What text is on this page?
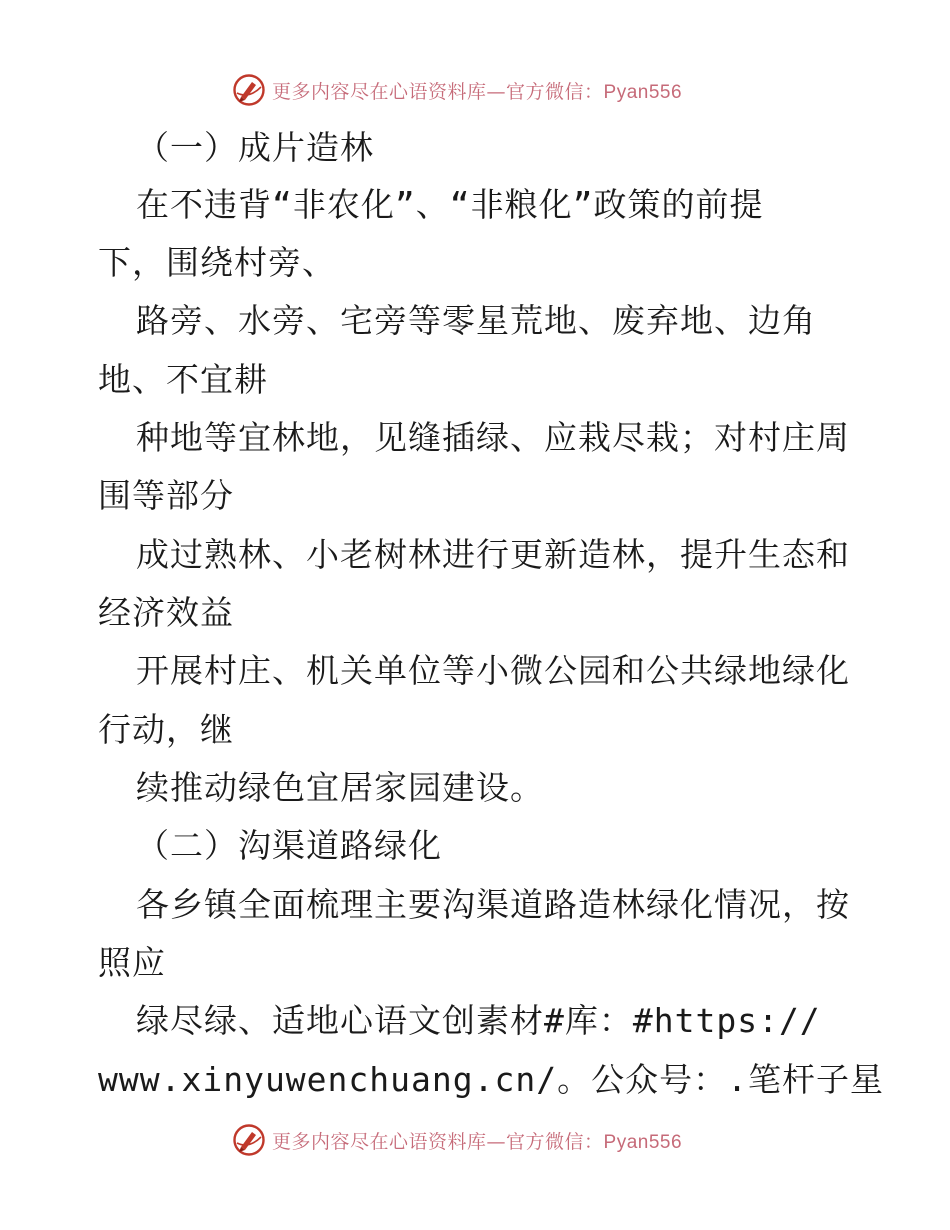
更多内容尽在心语资料库—官方微信：Pyan556

（一）成片造林

在不违背“非农化”、“非粮化”政策的前提

下，围绕村旁、

路旁、水旁、宅旁等零星荒地、废弃地、边角

地、不宜耕

种地等宜林地，见缝插绿、应栽尽栽；对村庄周

围等部分

成过熟林、小老树林进行更新造林，提升生态和

经济效益

开展村庄、机关单位等小微公园和公共绿地绿化

行动，继

续推动绿色宜居家园建设。

（二）沟渠道路绿化

各乡镇全面梳理主要沟渠道路造林绿化情况，按

照应

绿尽绿、适地心语文创素材#库：#https://

www.xinyuwenchuang.cn/。公众号：.笔杆子星

更多内容尽在心语资料库—官方微信：Pyan556
